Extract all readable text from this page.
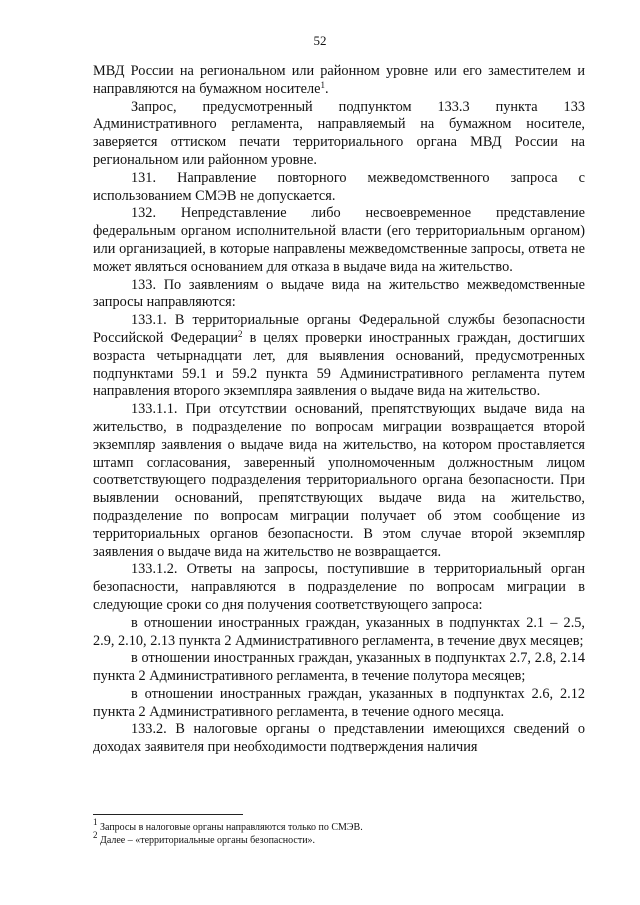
52

МВД России на региональном или районном уровне или его заместителем и направляются на бумажном носителе$^1$.

Запрос, предусмотренный подпунктом 133.3 пункта 133 Административного регламента, направляемый на бумажном носителе, заверяется оттиском печати территориального органа МВД России на региональном или районном уровне.

131. Направление повторного межведомственного запроса с использованием СМЭВ не допускается.

132. Непредставление либо несвоевременное представление федеральным органом исполнительной власти (его территориальным органом) или организацией, в которые направлены межведомственные запросы, ответа не может являться основанием для отказа в выдаче вида на жительство.

133. По заявлениям о выдаче вида на жительство межведомственные запросы направляются:

133.1. В территориальные органы Федеральной службы безопасности Российской Федерации$^2$ в целях проверки иностранных граждан, достигших возраста четырнадцати лет, для выявления оснований, предусмотренных подпунктами 59.1 и 59.2 пункта 59 Административного регламента путем направления второго экземпляра заявления о выдаче вида на жительство.

133.1.1. При отсутствии оснований, препятствующих выдаче вида на жительство, в подразделение по вопросам миграции возвращается второй экземпляр заявления о выдаче вида на жительство, на котором проставляется штамп согласования, заверенный уполномоченным должностным лицом соответствующего подразделения территориального органа безопасности. При выявлении оснований, препятствующих выдаче вида на жительство, подразделение по вопросам миграции получает об этом сообщение из территориальных органов безопасности. В этом случае второй экземпляр заявления о выдаче вида на жительство не возвращается.

133.1.2. Ответы на запросы, поступившие в территориальный орган безопасности, направляются в подразделение по вопросам миграции в следующие сроки со дня получения соответствующего запроса:

в отношении иностранных граждан, указанных в подпунктах 2.1 – 2.5, 2.9, 2.10, 2.13 пункта 2 Административного регламента, в течение двух месяцев;

в отношении иностранных граждан, указанных в подпунктах 2.7, 2.8, 2.14 пункта 2 Административного регламента, в течение полутора месяцев;

в отношении иностранных граждан, указанных в подпунктах 2.6, 2.12 пункта 2 Административного регламента, в течение одного месяца.

133.2. В налоговые органы о представлении имеющихся сведений о доходах заявителя при необходимости подтверждения наличия

$^1$ Запросы в налоговые органы направляются только по СМЭВ.

$^2$ Далее – «территориальные органы безопасности».
